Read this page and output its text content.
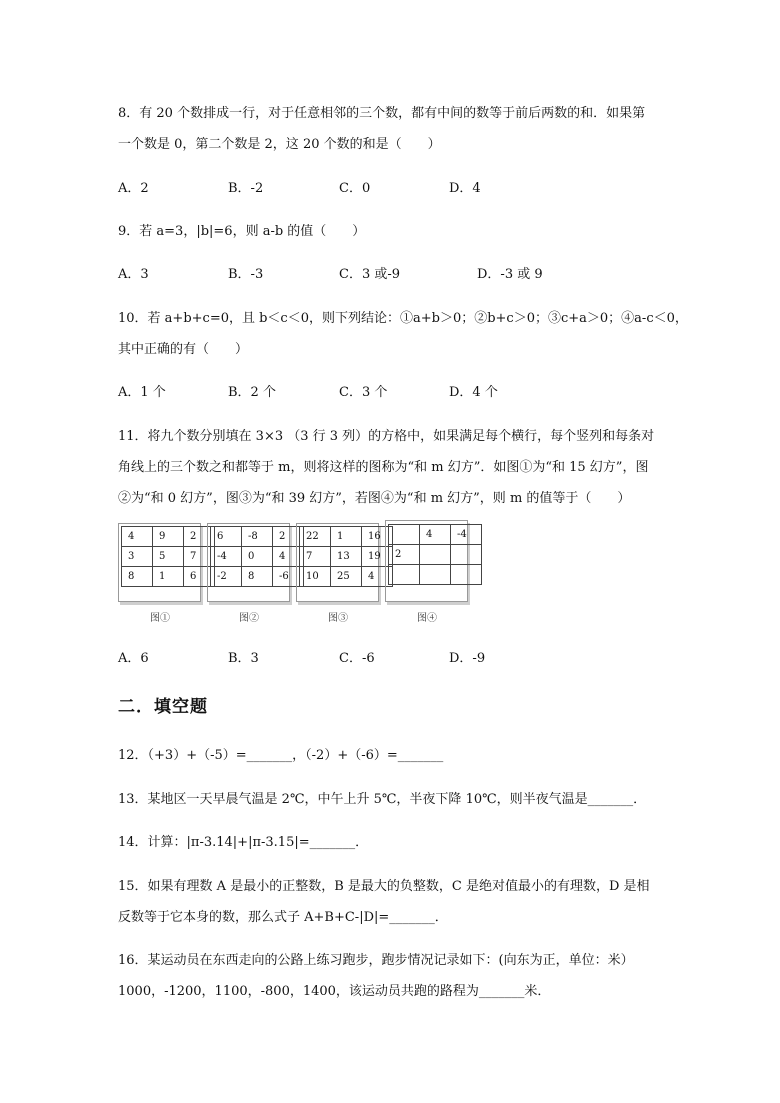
8．有 20 个数排成一行，对于任意相邻的三个数，都有中间的数等于前后两数的和．如果第
一个数是 0，第二个数是 2，这 20 个数的和是（　　）
A．2	B．-2	C．0	D．4
9．若 a=3，|b|=6，则 a-b 的值（　　）
A．3	B．-3	C．3 或-9	D．-3 或 9
10．若 a+b+c=0，且 b＜c＜0，则下列结论：①a+b＞0；②b+c＞0；③c+a＞0；④a-c＜0，
其中正确的有（　　）
A．1 个	B．2 个	C．3 个	D．4 个
11．将九个数分别填在 3×3 （3 行 3 列）的方格中，如果满足每个横行，每个竖列和每条对
角线上的三个数之和都等于 m，则将这样的图称为“和 m 幻方”．如图①为“和 15 幻方”，图
②为“和 0 幻方”，图③为“和 39 幻方”，若图④为“和 m 幻方”，则 m 的值等于（　　）
4	9	2
3	5	7
8	1	6
图①
6	-8	2
-4	0	4
-2	8	-6
图②
22	1	16
7	13	19
10	25	4
图③
	4	-4
2		

图④
A．6	B．3	C．-6	D．-9
二．填空题
12．（+3）+（-5）=_______，（-2）+（-6）=_______
13．某地区一天早晨气温是 2℃，中午上升 5℃，半夜下降 10℃，则半夜气温是_______．
14．计算：|π-3.14|+|π-3.15|=_______．
15．如果有理数 A 是最小的正整数，B 是最大的负整数，C 是绝对值最小的有理数，D 是相
反数等于它本身的数，那么式子 A+B+C-|D|=_______．
16．某运动员在东西走向的公路上练习跑步，跑步情况记录如下：(向东为正，单位：米）
1000，-1200，1100，-800，1400，该运动员共跑的路程为_______米．
